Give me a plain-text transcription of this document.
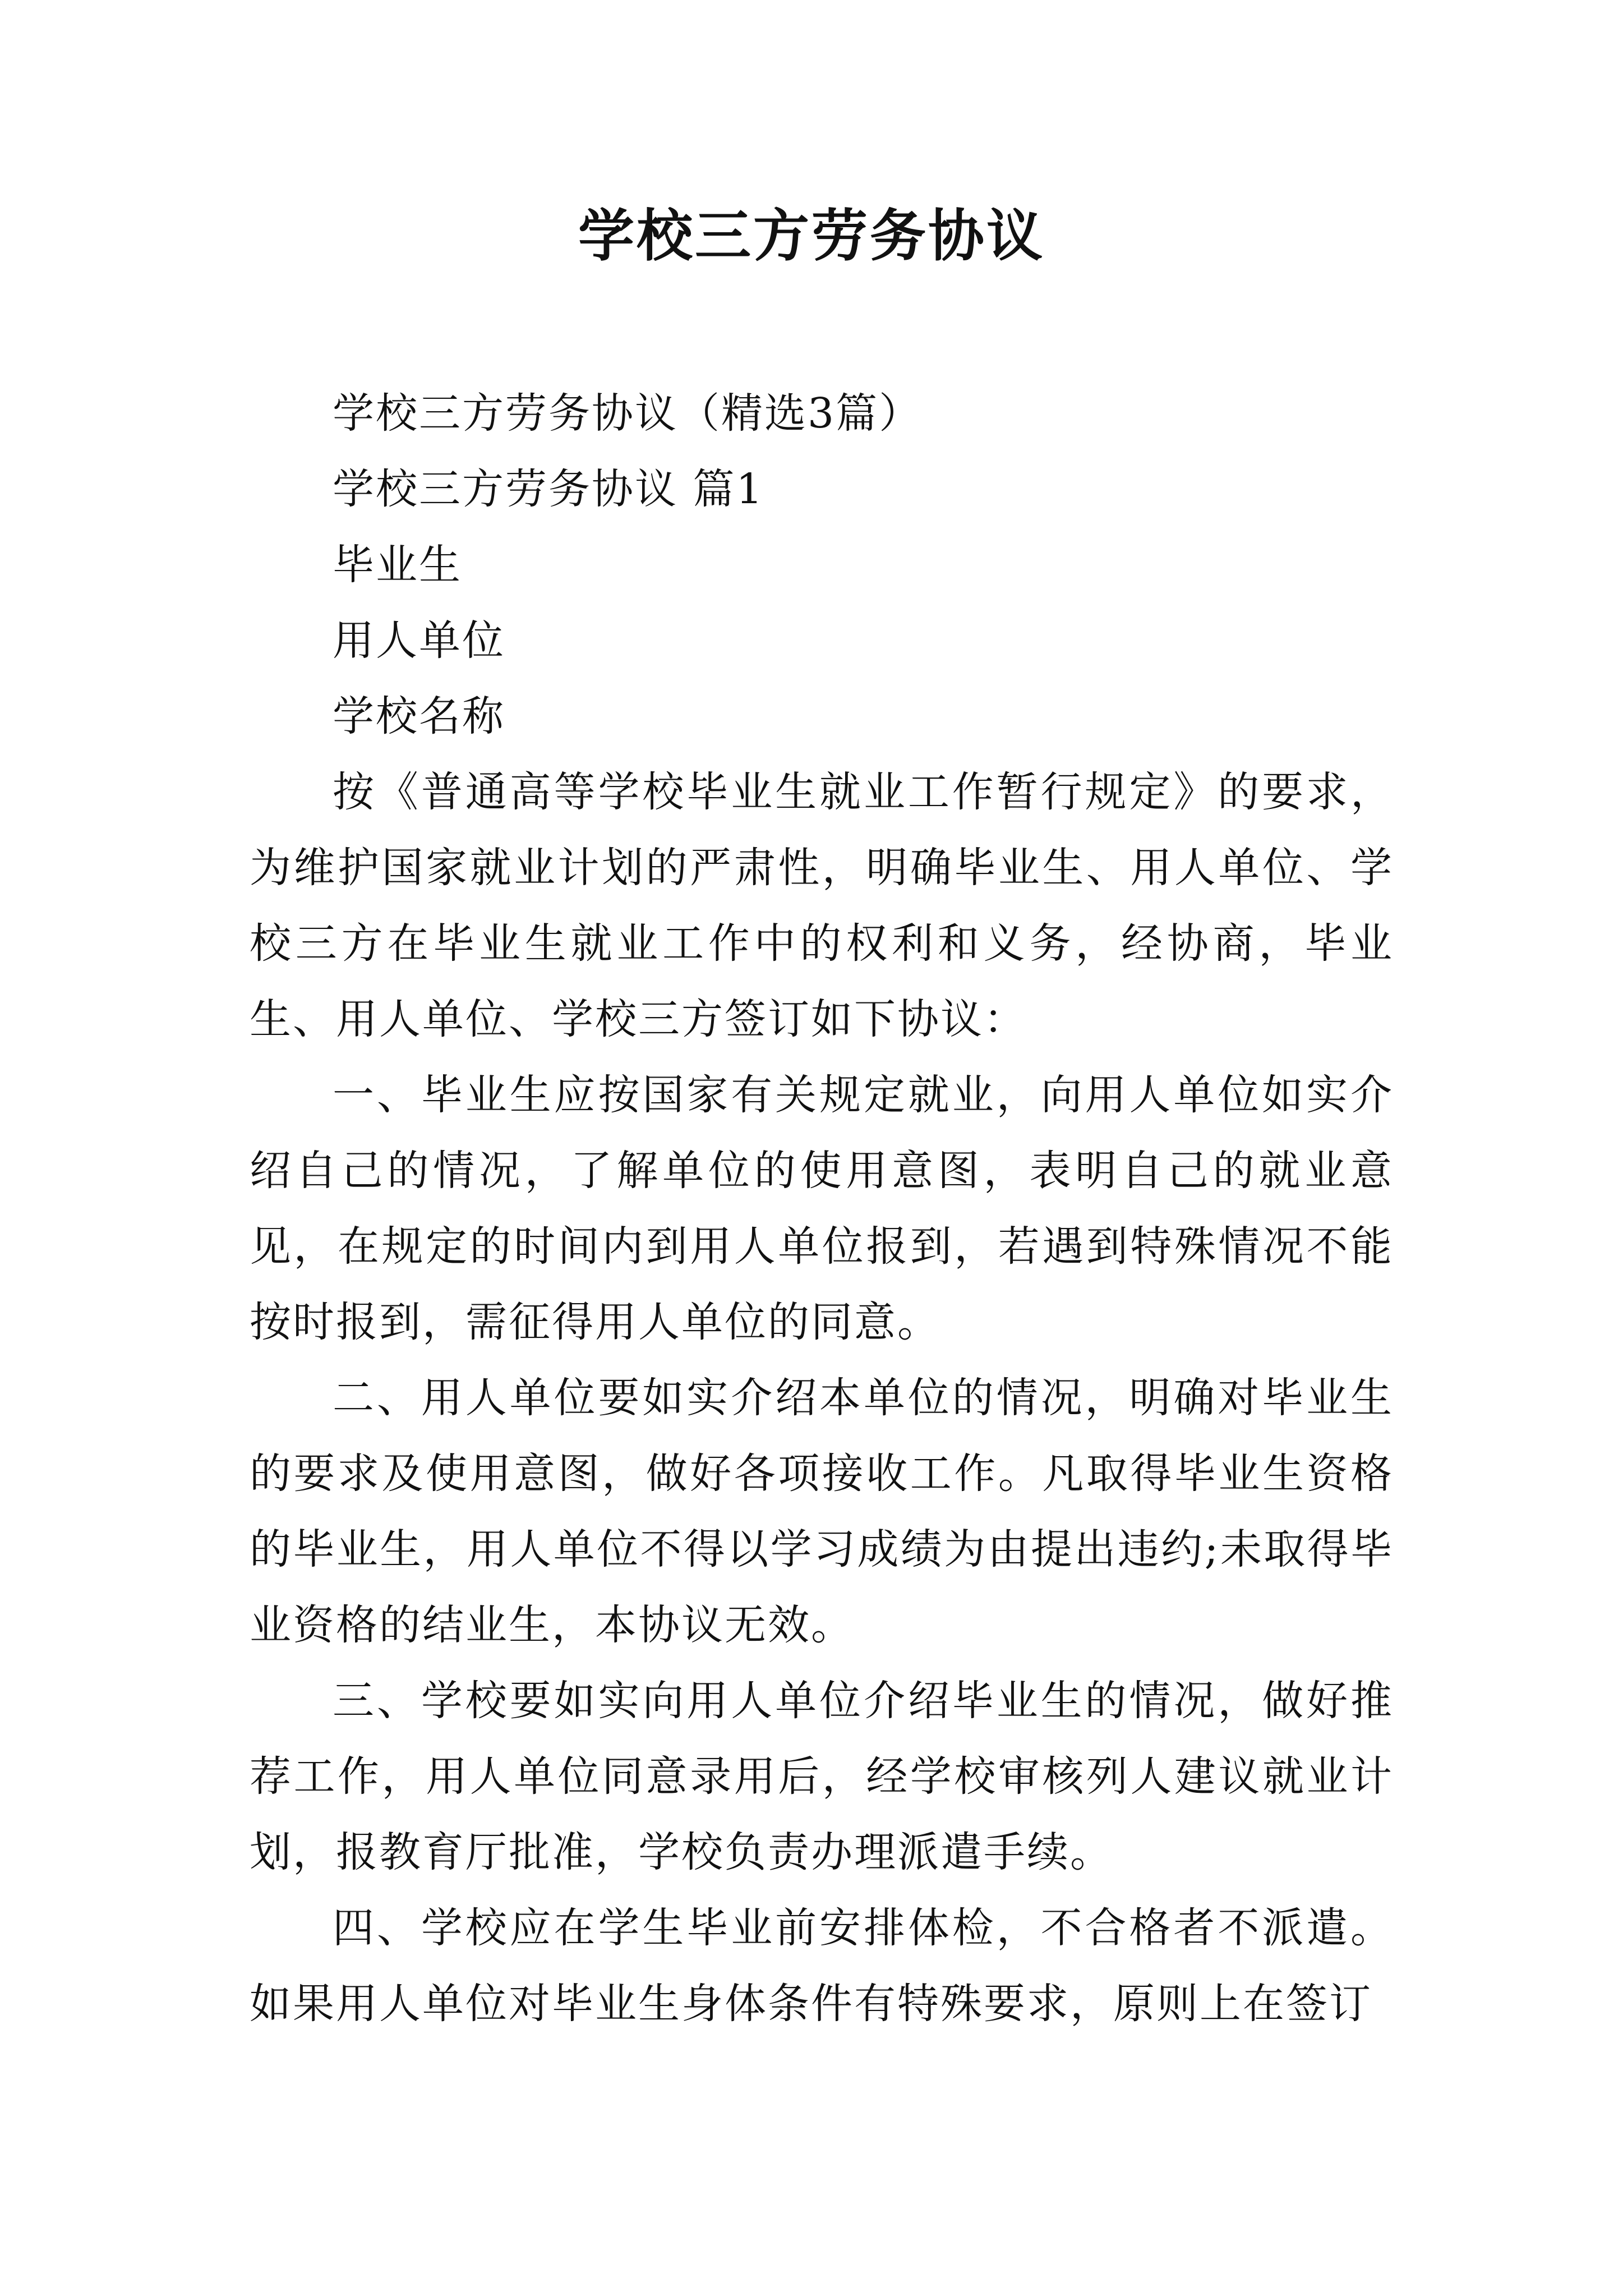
学校三方劳务协议

学校三方劳务协议（精选3篇）

学校三方劳务协议 篇1

毕业生

用人单位

学校名称

按《普通高等学校毕业生就业工作暂行规定》的要求，为维护国家就业计划的严肃性，明确毕业生、用人单位、学校三方在毕业生就业工作中的权利和义务，经协商，毕业生、用人单位、学校三方签订如下协议：

一、毕业生应按国家有关规定就业，向用人单位如实介绍自己的情况，了解单位的使用意图，表明自己的就业意见，在规定的时间内到用人单位报到，若遇到特殊情况不能按时报到，需征得用人单位的同意。

二、用人单位要如实介绍本单位的情况，明确对毕业生的要求及使用意图，做好各项接收工作。凡取得毕业生资格的毕业生，用人单位不得以学习成绩为由提出违约;未取得毕业资格的结业生，本协议无效。

三、学校要如实向用人单位介绍毕业生的情况，做好推荐工作，用人单位同意录用后，经学校审核列人建议就业计划，报教育厅批准，学校负责办理派遣手续。

四、学校应在学生毕业前安排体检，不合格者不派遣。如果用人单位对毕业生身体条件有特殊要求，原则上在签订
